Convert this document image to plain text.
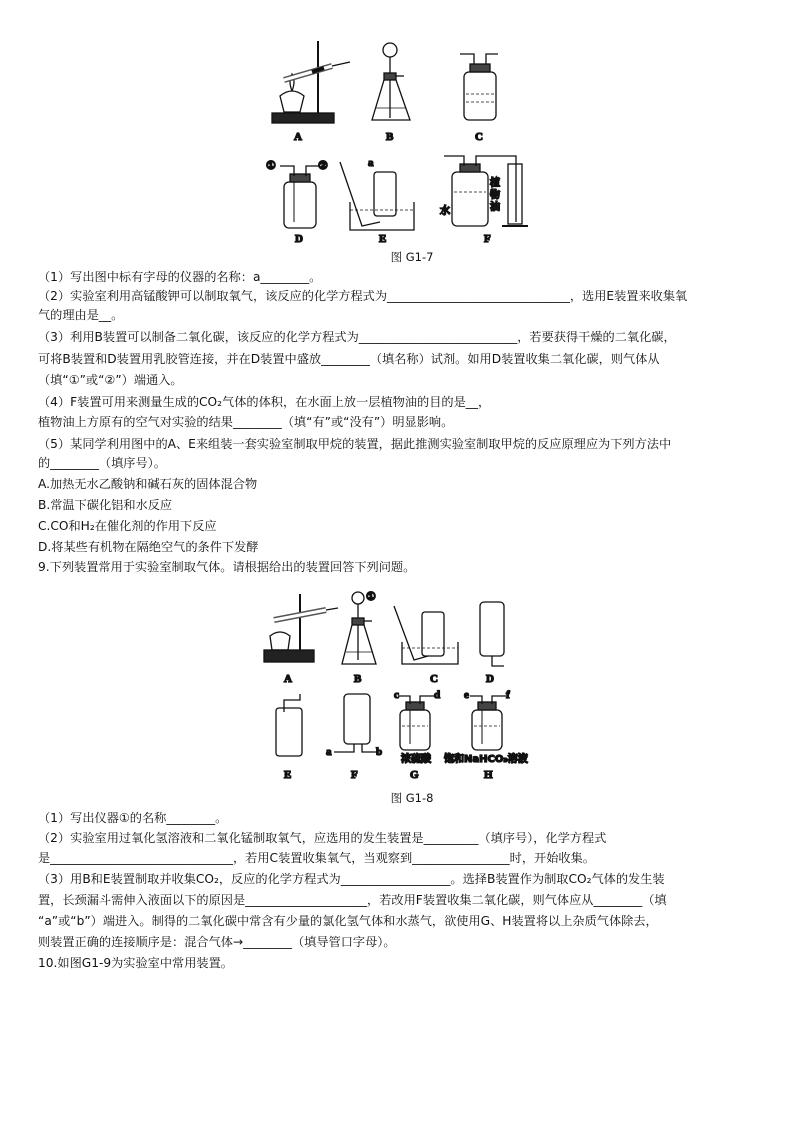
A	B	C
①	②
D
a
E
植
物
油
水
F
图 G1-7
（1）写出图中标有字母的仪器的名称：a________。
（2）实验室利用高锰酸钾可以制取氧气，该反应的化学方程式为______________________________，选用E装置来收集氧
气的理由是__。
（3）利用B装置可以制备二氧化碳，该反应的化学方程式为__________________________，若要获得干燥的二氧化碳，
可将B装置和D装置用乳胶管连接，并在D装置中盛放________（填名称）试剂。如用D装置收集二氧化碳，则气体从
（填“①”或“②”）端通入。
（4）F装置可用来测量生成的CO₂气体的体积，在水面上放一层植物油的目的是__，
植物油上方原有的空气对实验的结果________（填“有”或“没有”）明显影响。
（5）某同学利用图中的A、E来组装一套实验室制取甲烷的装置，据此推测实验室制取甲烷的反应原理应为下列方法中
的________（填序号）。
A.加热无水乙酸钠和碱石灰的固体混合物
B.常温下碳化铝和水反应
C.CO和H₂在催化剂的作用下反应
D.将某些有机物在隔绝空气的条件下发酵
9.下列装置常用于实验室制取气体。请根据给出的装置回答下列问题。
A
①
B	C	D
E
a	b
F
c	d
浓硫酸
G
e	f
饱和NaHCO₃溶液
H
图 G1-8
（1）写出仪器①的名称________。
（2）实验室用过氧化氢溶液和二氧化锰制取氧气，应选用的发生装置是_________（填序号），化学方程式
是______________________________，若用C装置收集氧气，当观察到________________时，开始收集。
（3）用B和E装置制取并收集CO₂，反应的化学方程式为__________________。选择B装置作为制取CO₂气体的发生装
置，长颈漏斗需伸入液面以下的原因是____________________，若改用F装置收集二氧化碳，则气体应从________（填
“a”或“b”）端进入。制得的二氧化碳中常含有少量的氯化氢气体和水蒸气，欲使用G、H装置将以上杂质气体除去，
则装置正确的连接顺序是：混合气体→________（填导管口字母）。
10.如图G1-9为实验室中常用装置。
